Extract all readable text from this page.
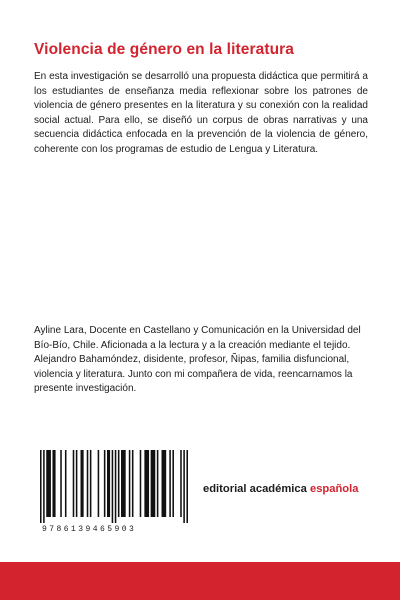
Violencia de género en la literatura

En esta investigación se desarrolló una propuesta didáctica que permitirá a los estudiantes de enseñanza media reflexionar sobre los patrones de violencia de género presentes en la literatura y su conexión con la realidad social actual. Para ello, se diseñó un corpus de obras narrativas y una secuencia didáctica enfocada en la prevención de la violencia de género, coherente con los programas de estudio de Lengua y Literatura.

Ayline Lara, Docente en Castellano y Comunicación en la Universidad del Bío-Bío, Chile. Aficionada a la lectura y a la creación mediante el tejido.

Alejandro Bahamóndez, disidente, profesor, Ñipas, familia disfuncional, violencia y literatura. Junto con mi compañera de vida, reencarnamos la presente investigación.

9786139465903
editorial académica española
